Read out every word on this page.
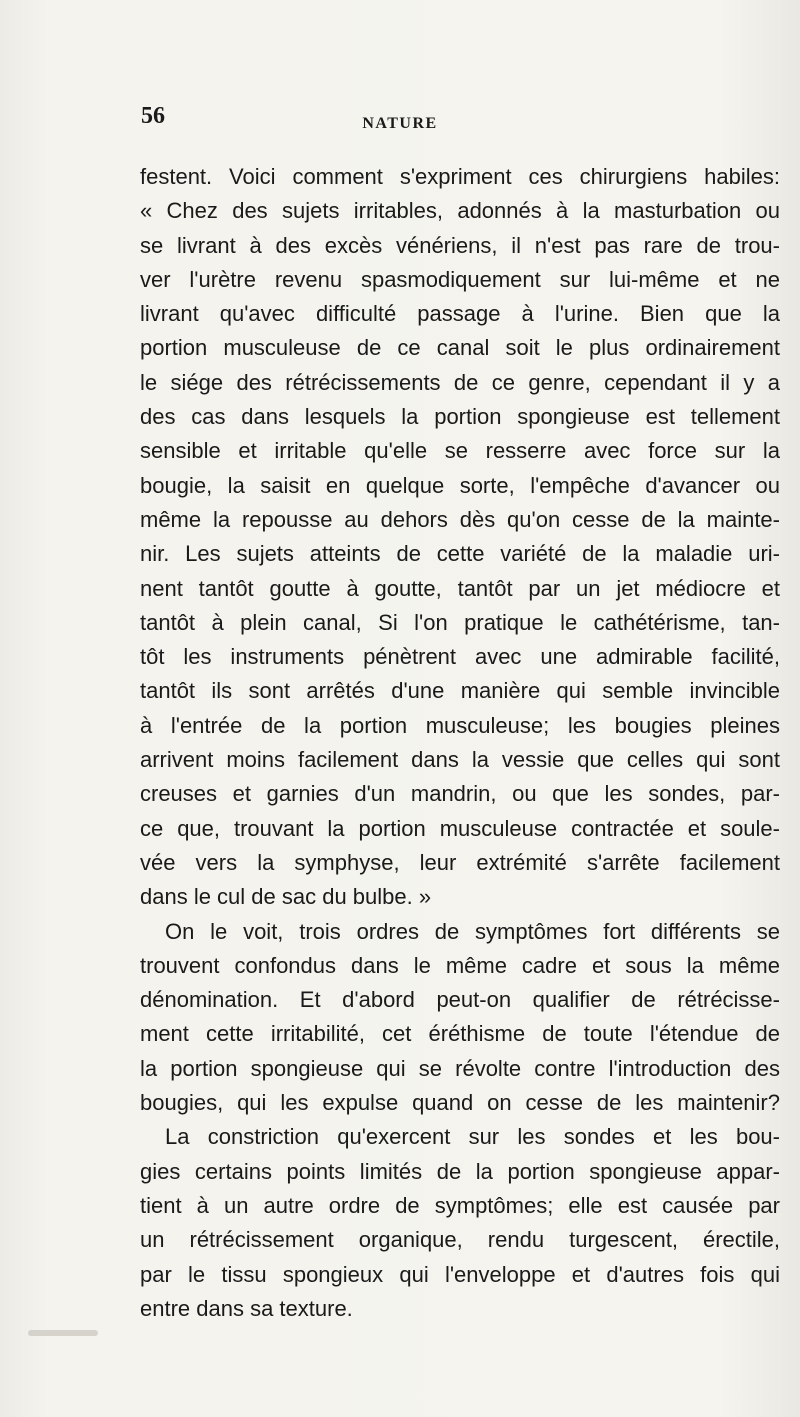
56	NATURE
festent. Voici comment s'expriment ces chirurgiens habiles:
« Chez des sujets irritables, adonnés à la masturbation ou
se livrant à des excès vénériens, il n'est pas rare de trou-
ver l'urètre revenu spasmodiquement sur lui-même et ne
livrant qu'avec difficulté passage à l'urine. Bien que la
portion musculeuse de ce canal soit le plus ordinairement
le siége des rétrécissements de ce genre, cependant il y a
des cas dans lesquels la portion spongieuse est tellement
sensible et irritable qu'elle se resserre avec force sur la
bougie, la saisit en quelque sorte, l'empêche d'avancer ou
même la repousse au dehors dès qu'on cesse de la mainte-
nir. Les sujets atteints de cette variété de la maladie uri-
nent tantôt goutte à goutte, tantôt par un jet médiocre et
tantôt à plein canal, Si l'on pratique le cathétérisme, tan-
tôt les instruments pénètrent avec une admirable facilité,
tantôt ils sont arrêtés d'une manière qui semble invincible
à l'entrée de la portion musculeuse; les bougies pleines
arrivent moins facilement dans la vessie que celles qui sont
creuses et garnies d'un mandrin, ou que les sondes, par-
ce que, trouvant la portion musculeuse contractée et soule-
vée vers la symphyse, leur extrémité s'arrête facilement
dans le cul de sac du bulbe. »
On le voit, trois ordres de symptômes fort différents se
trouvent confondus dans le même cadre et sous la même
dénomination. Et d'abord peut-on qualifier de rétrécisse-
ment cette irritabilité, cet éréthisme de toute l'étendue de
la portion spongieuse qui se révolte contre l'introduction des
bougies, qui les expulse quand on cesse de les maintenir?
La constriction qu'exercent sur les sondes et les bou-
gies certains points limités de la portion spongieuse appar-
tient à un autre ordre de symptômes; elle est causée par
un rétrécissement organique, rendu turgescent, érectile,
par le tissu spongieux qui l'enveloppe et d'autres fois qui
entre dans sa texture.
